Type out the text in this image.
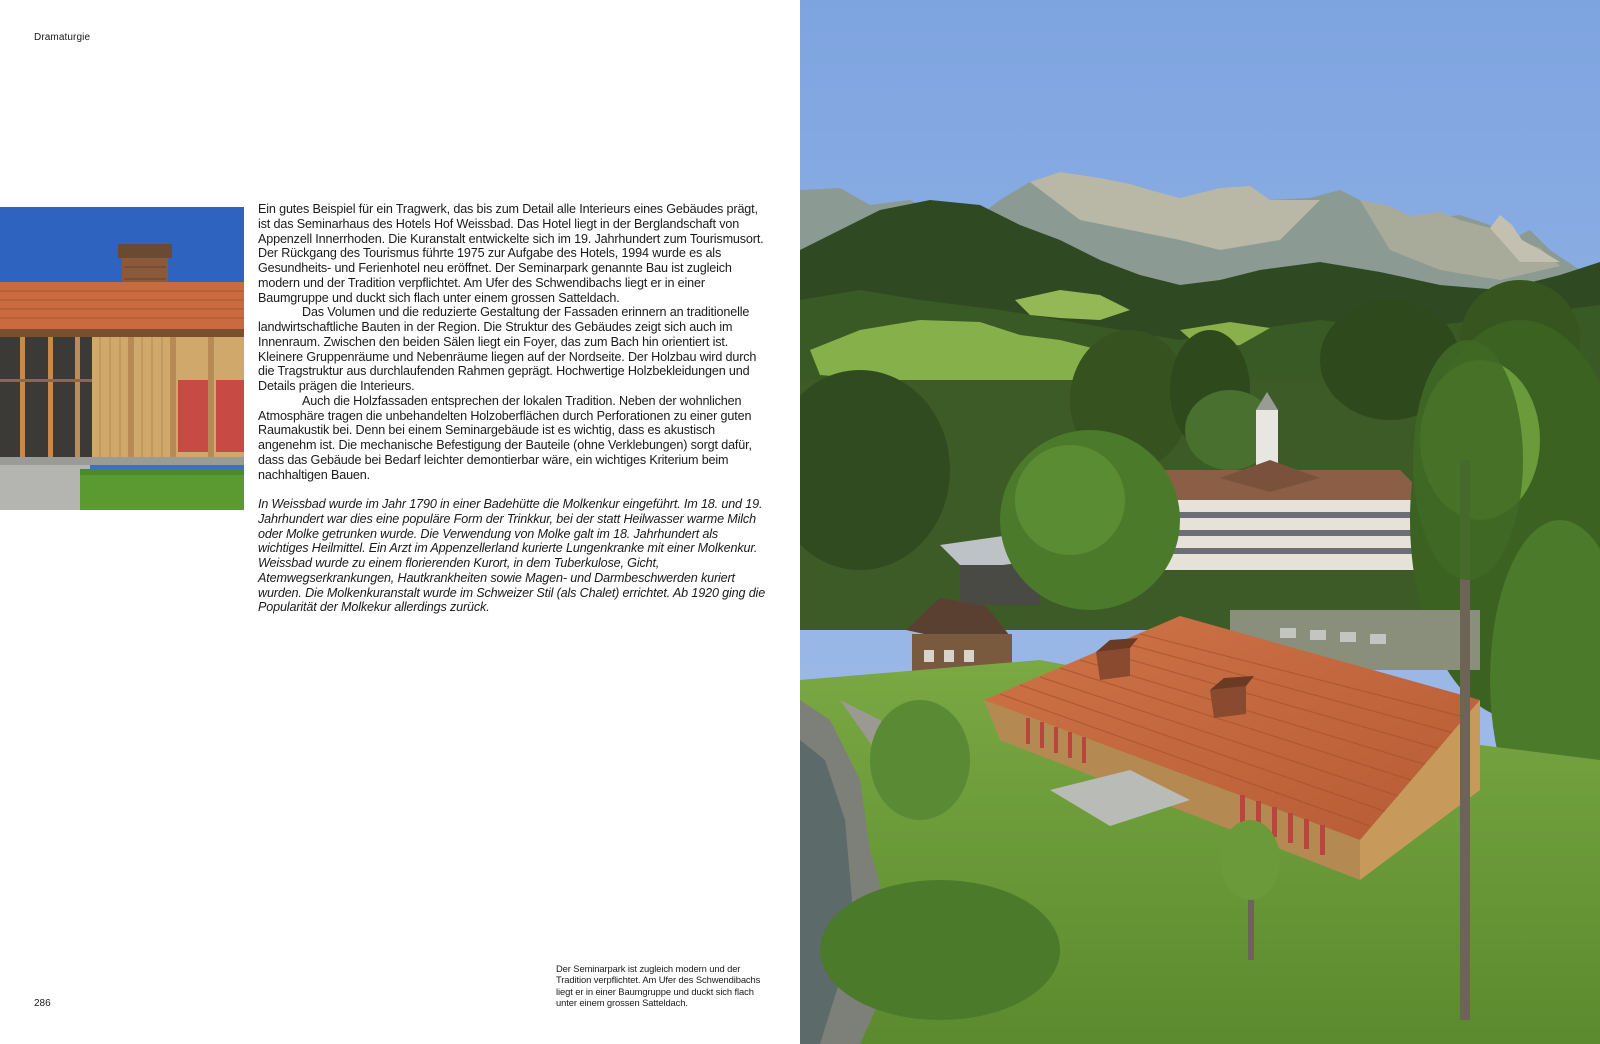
Dramaturgie

Ein gutes Beispiel für ein Tragwerk, das bis zum Detail alle Interieurs eines Gebäudes prägt, ist das Seminarhaus des Hotels Hof Weissbad. Das Hotel liegt in der Berglandschaft von Appenzell Innerrhoden. Die Kuranstalt entwickelte sich im 19. Jahrhundert zum Tourismusort. Der Rückgang des Tourismus führte 1975 zur Aufgabe des Hotels, 1994 wurde es als Gesundheits- und Ferienhotel neu eröffnet. Der Seminarpark genannte Bau ist zugleich modern und der Tradition verpflichtet. Am Ufer des Schwendibachs liegt er in einer Baumgruppe und duckt sich flach unter einem grossen Satteldach.

Das Volumen und die reduzierte Gestaltung der Fassaden erinnern an traditionelle landwirtschaftliche Bauten in der Region. Die Struktur des Gebäudes zeigt sich auch im Innenraum. Zwischen den beiden Sälen liegt ein Foyer, das zum Bach hin orientiert ist. Kleinere Gruppenräume und Nebenräume liegen auf der Nordseite. Der Holzbau wird durch die Tragstruktur aus durchlaufenden Rahmen geprägt. Hochwertige Holzbekleidungen und Details prägen die Interieurs.

Auch die Holzfassaden entsprechen der lokalen Tradition. Neben der wohnlichen Atmosphäre tragen die unbehandelten Holzoberflächen durch Perforationen zu einer guten Raumakustik bei. Denn bei einem Seminargebäude ist es wichtig, dass es akustisch angenehm ist. Die mechanische Befestigung der Bauteile (ohne Verklebungen) sorgt dafür, dass das Gebäude bei Bedarf leichter demontierbar wäre, ein wichtiges Kriterium beim nachhaltigen Bauen.

In Weissbad wurde im Jahr 1790 in einer Badehütte die Molkenkur eingeführt. Im 18. und 19. Jahrhundert war dies eine populäre Form der Trinkkur, bei der statt Heilwasser warme Milch oder Molke getrunken wurde. Die Verwendung von Molke galt im 18. Jahrhundert als wichtiges Heilmittel. Ein Arzt im Appenzellerland kurierte Lungenkranke mit einer Molkenkur. Weissbad wurde zu einem florierenden Kurort, in dem Tuberkulose, Gicht, Atemwegserkrankungen, Hautkrankheiten sowie Magen- und Darmbeschwerden kuriert wurden. Die Molkenkuranstalt wurde im Schweizer Stil (als Chalet) errichtet. Ab 1920 ging die Popularität der Molkekur allerdings zurück.

Der Seminarpark ist zugleich modern und der Tradition verpflichtet. Am Ufer des Schwendibachs liegt er in einer Baumgruppe und duckt sich flach unter einem grossen Satteldach.
286
